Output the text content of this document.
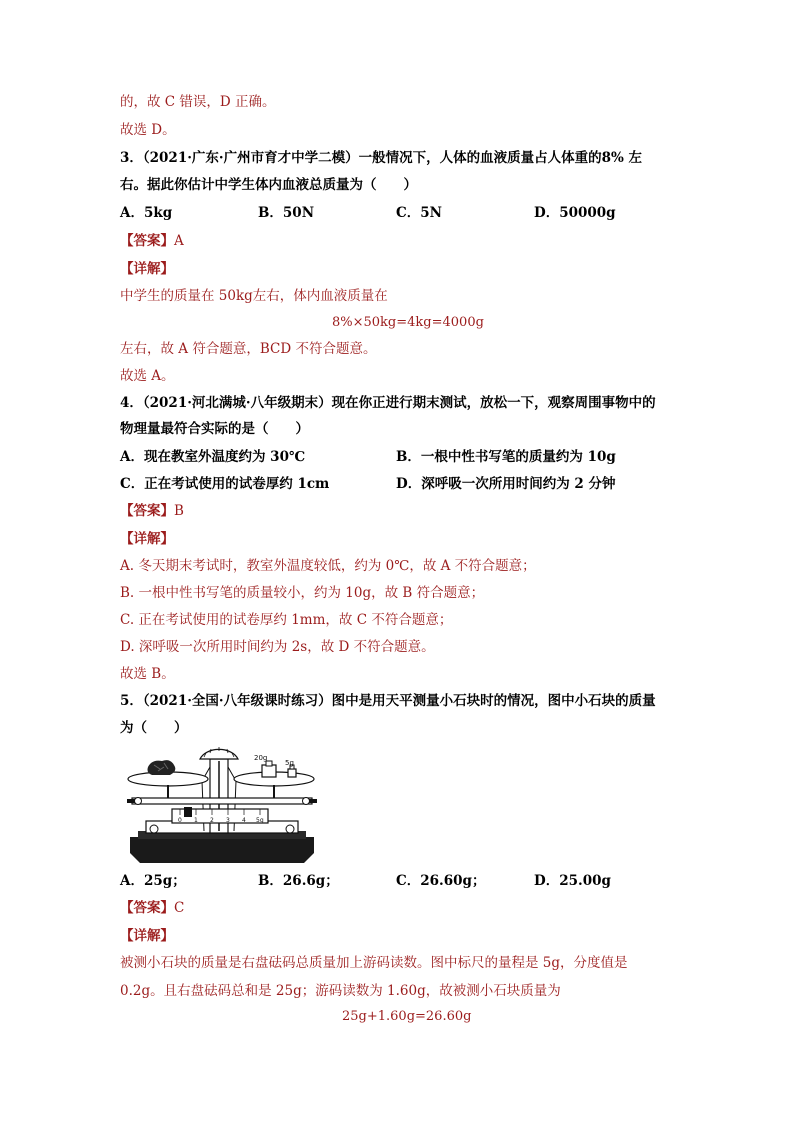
的，故 C 错误，D 正确。
故选 D。
3．（2021·广东·广州市育才中学二模）一般情况下，人体的血液质量占人体重的8% 左
右。据此你估计中学生体内血液总质量为（　　）
A．5kg	B．50N	C．5N	D．50000g
【答案】A
【详解】
中学生的质量在 50kg左右，体内血液质量在
8%×50kg=4kg=4000g
左右，故 A 符合题意，BCD 不符合题意。
故选 A。
4．（2021·河北满城·八年级期末）现在你正进行期末测试，放松一下，观察周围事物中的
物理量最符合实际的是（　　）
A．现在教室外温度约为 30℃	B．一根中性书写笔的质量约为 10g
C．正在考试使用的试卷厚约 1cm	D．深呼吸一次所用时间约为 2 分钟
【答案】B
【详解】
A. 冬天期末考试时，教室外温度较低，约为 0℃，故 A 不符合题意；
B. 一根中性书写笔的质量较小，约为 10g，故 B 符合题意；
C. 正在考试使用的试卷厚约 1mm，故 C 不符合题意；
D. 深呼吸一次所用时间约为 2s，故 D 不符合题意。
故选 B。
5．（2021·全国·八年级课时练习）图中是用天平测量小石块时的情况，图中小石块的质量
为（　　）
20g
5g
0 1 2 3 4 5g
A．25g；	B．26.6g；	C．26.60g；	D．25.00g
【答案】C
【详解】
被测小石块的质量是右盘砝码总质量加上游码读数。图中标尺的量程是 5g，分度值是
0.2g。且右盘砝码总和是 25g；游码读数为 1.60g，故被测小石块质量为
25g+1.60g=26.60g
